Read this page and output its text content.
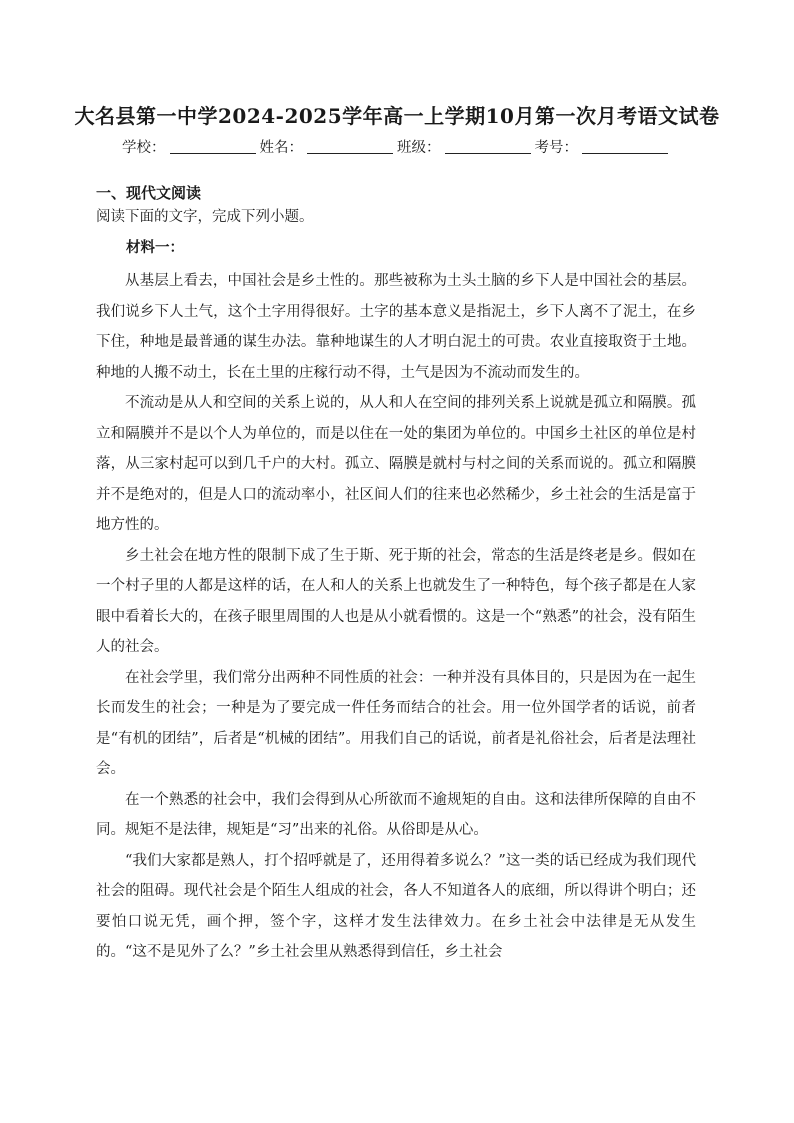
大名县第一中学2024-2025学年高一上学期10月第一次月考语文试卷
学校：	姓名：	班级：	考号：
一、现代文阅读
阅读下面的文字，完成下列小题。
材料一：

从基层上看去，中国社会是乡土性的。那些被称为土头土脑的乡下人是中国社会的基层。我们说乡下人土气，这个土字用得很好。土字的基本意义是指泥土，乡下人离不了泥土，在乡下住，种地是最普通的谋生办法。靠种地谋生的人才明白泥土的可贵。农业直接取资于土地。种地的人搬不动土，长在土里的庄稼行动不得，土气是因为不流动而发生的。

不流动是从人和空间的关系上说的，从人和人在空间的排列关系上说就是孤立和隔膜。孤立和隔膜并不是以个人为单位的，而是以住在一处的集团为单位的。中国乡土社区的单位是村落，从三家村起可以到几千户的大村。孤立、隔膜是就村与村之间的关系而说的。孤立和隔膜并不是绝对的，但是人口的流动率小，社区间人们的往来也必然稀少，乡土社会的生活是富于地方性的。

乡土社会在地方性的限制下成了生于斯、死于斯的社会，常态的生活是终老是乡。假如在一个村子里的人都是这样的话，在人和人的关系上也就发生了一种特色，每个孩子都是在人家眼中看着长大的，在孩子眼里周围的人也是从小就看惯的。这是一个“熟悉”的社会，没有陌生人的社会。

在社会学里，我们常分出两种不同性质的社会：一种并没有具体目的，只是因为在一起生长而发生的社会；一种是为了要完成一件任务而结合的社会。用一位外国学者的话说，前者是“有机的团结”，后者是“机械的团结”。用我们自己的话说，前者是礼俗社会，后者是法理社会。

在一个熟悉的社会中，我们会得到从心所欲而不逾规矩的自由。这和法律所保障的自由不同。规矩不是法律，规矩是“习”出来的礼俗。从俗即是从心。

“我们大家都是熟人，打个招呼就是了，还用得着多说么？”这一类的话已经成为我们现代社会的阻碍。现代社会是个陌生人组成的社会，各人不知道各人的底细，所以得讲个明白；还要怕口说无凭，画个押，签个字，这样才发生法律效力。在乡土社会中法律是无从发生的。“这不是见外了么？”乡土社会里从熟悉得到信任，乡土社会
